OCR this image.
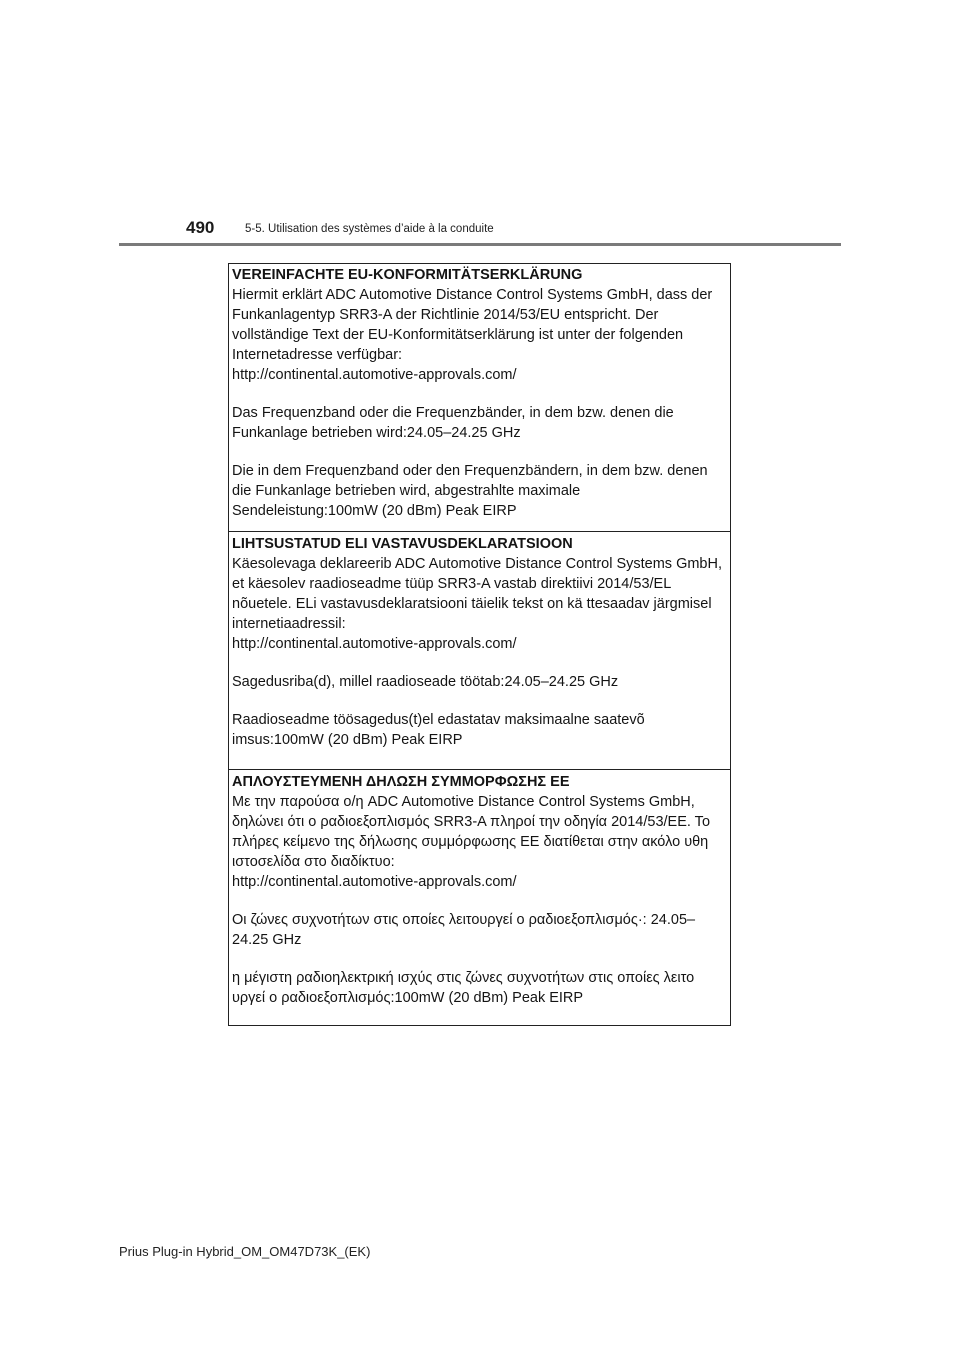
490	5-5. Utilisation des systèmes d’aide à la conduite

VEREINFACHTE EU-KONFORMITÄTSERKLÄRUNG

Hiermit erklärt ADC Automotive Distance Control Systems GmbH, dass der Funkanlagentyp SRR3-A der Richtlinie 2014/53/EU entspricht. Der vollständige Text der EU-Konformitätserklärung ist unter der folgenden Internetadresse verfügbar:

http://continental.automotive-approvals.com/

Das Frequenzband oder die Frequenzbänder, in dem bzw. denen die Funkanlage betrieben wird:24.05–24.25 GHz

Die in dem Frequenzband oder den Frequenzbändern, in dem bzw. denen die Funkanlage betrieben wird, abgestrahlte maximale Sendeleistung:100mW (20 dBm) Peak EIRP

LIHTSUSTATUD ELI VASTAVUSDEKLARATSIOON

Käesolevaga deklareerib ADC Automotive Distance Control Systems GmbH, et käesolev raadioseadme tüüp SRR3-A vastab direktiivi 2014/53/EL nõuetele. ELi vastavusdeklaratsiooni täielik tekst on kä ttesaadav järgmisel internetiaadressil:

http://continental.automotive-approvals.com/

Sagedusriba(d), millel raadioseade töötab:24.05–24.25 GHz

Raadioseadme töösagedus(t)el edastatav maksimaalne saatevõ imsus:100mW (20 dBm) Peak EIRP

ΑΠΛΟΥΣΤΕΥΜΕΝΗ ΔΗΛΩΣΗ ΣΥΜΜΟΡΦΩΣΗΣ ΕΕ

Με την παρούσα ο/η ADC Automotive Distance Control Systems GmbH, δηλώνει ότι ο ραδιοεξοπλισμός SRR3-A πληροί την οδηγία 2014/53/ΕΕ. Το πλήρες κείμενο της δήλωσης συμμόρφωσης ΕΕ διατίθεται στην ακόλο υθη ιστοσελίδα στο διαδίκτυο:

http://continental.automotive-approvals.com/

Οι ζώνες συχνοτήτων στις οποίες λειτουργεί ο ραδιοεξοπλισμός·: 24.05–24.25 GHz

η μέγιστη ραδιοηλεκτρική ισχύς στις ζώνες συχνοτήτων στις οποίες λειτο υργεί ο ραδιοεξοπλισμός:100mW (20 dBm) Peak EIRP

Prius Plug-in Hybrid_OM_OM47D73K_(EK)
